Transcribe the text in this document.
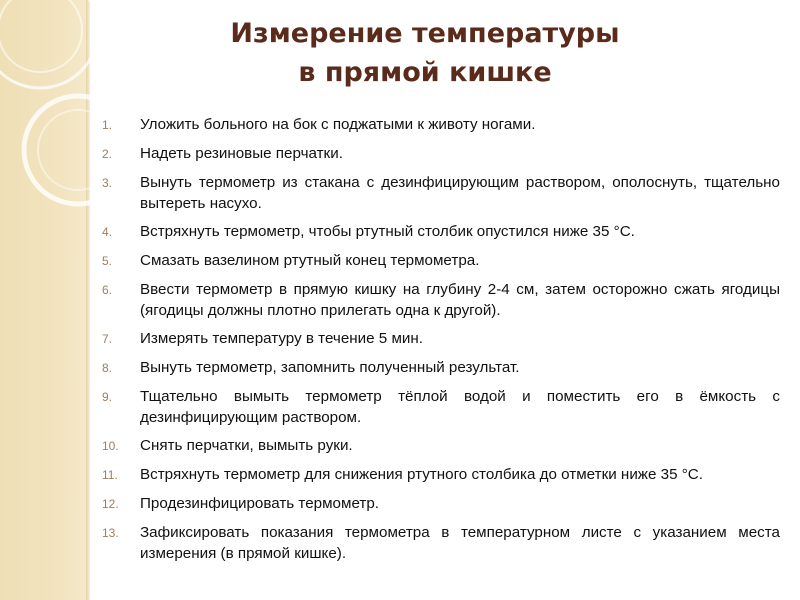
Измерение температуры
в прямой кишке
1.	Уложить больного на бок с поджатыми к животу ногами.
2.	Надеть резиновые перчатки.
3.	Вынуть термометр из стакана с дезинфицирующим раствором, ополоснуть, тщательно вытереть насухо.
4.	Встряхнуть термометр, чтобы ртутный столбик опустился ниже 35 °С.
5.	Смазать вазелином ртутный конец термометра.
6.	Ввести термометр в прямую кишку на глубину 2-4 см, затем осторожно сжать ягодицы (ягодицы должны плотно прилегать одна к другой).
7.	Измерять температуру в течение 5 мин.
8.	Вынуть термометр, запомнить полученный результат.
9.	Тщательно вымыть термометр тёплой водой и поместить его в ёмкость с дезинфицирующим раствором.
10.	Снять перчатки, вымыть руки.
11.	Встряхнуть термометр для снижения ртутного столбика до отметки ниже 35 °С.
12.	Продезинфицировать термометр.
13.	Зафиксировать показания термометра в температурном листе с указанием места измерения (в прямой кишке).
